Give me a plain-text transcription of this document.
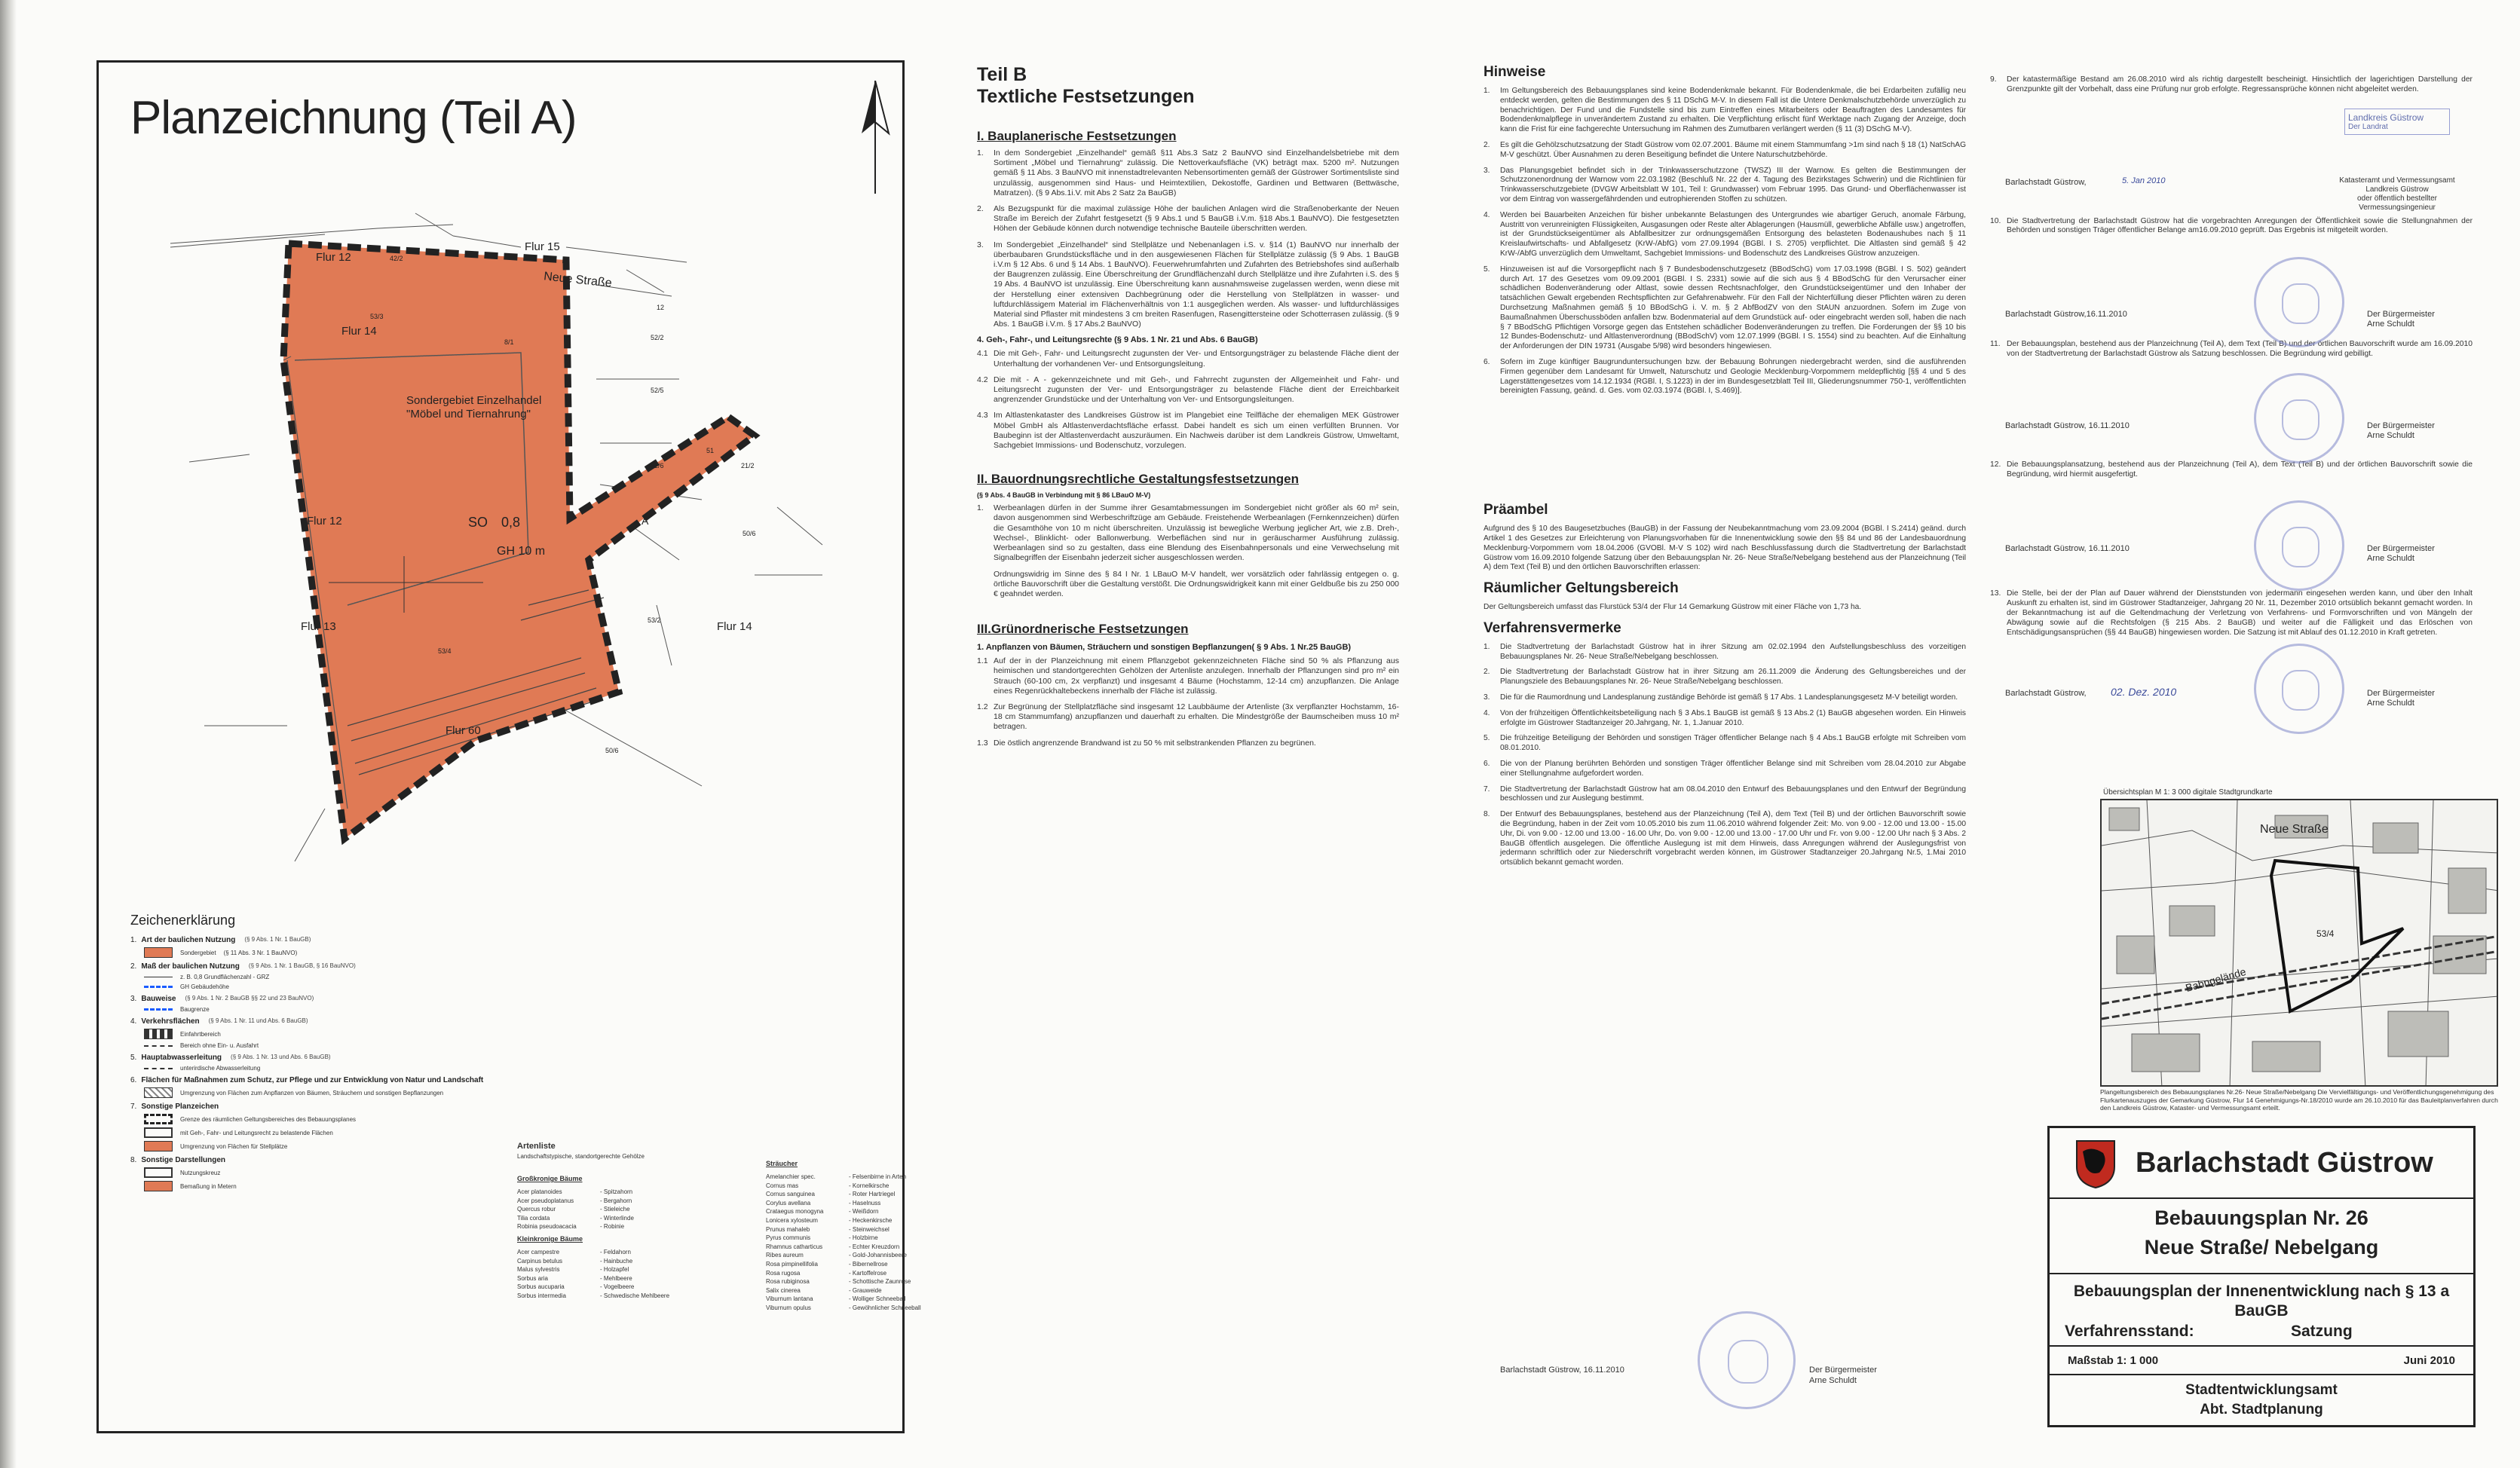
Planzeichnung (Teil A)
Flur 12
Flur 15
Flur 14
Flur 12
Flur 13	Flur 14
Flur 60
Neue Straße
42/2
53/3
12
52/2
52/5
8/1
51
52/6	21/2
50/6
53/2
53/4
50/6
Sondergebiet Einzelhandel "Möbel und Tiernahrung"
SO 0,8
GH 10 m
A
Zeichenerklärung
1. Art der baulichen Nutzung (§ 9 Abs. 1 Nr. 1 BauGB)
Sondergebiet (§ 11 Abs. 3 Nr. 1 BauNVO)
2. Maß der baulichen Nutzung (§ 9 Abs. 1 Nr. 1 BauGB, § 16 BauNVO)
z. B. 0,8 Grundflächenzahl - GRZ
GH Gebäudehöhe
3. Bauweise (§ 9 Abs. 1 Nr. 2 BauGB §§ 22 und 23 BauNVO)
Baugrenze
4. Verkehrsflächen (§ 9 Abs. 1 Nr. 11 und Abs. 6 BauGB)
Einfahrtbereich
Bereich ohne Ein- u. Ausfahrt
5. Hauptabwasserleitung (§ 9 Abs. 1 Nr. 13 und Abs. 6 BauGB)
unterirdische Abwasserleitung
6. Flächen für Maßnahmen zum Schutz, zur Pflege und zur Entwicklung von Natur und Landschaft
Umgrenzung von Flächen zum Anpflanzen von Bäumen, Sträuchern und sonstigen Bepflanzungen
7. Sonstige Planzeichen
Grenze des räumlichen Geltungsbereiches des Bebauungsplanes
mit Geh-, Fahr- und Leitungsrecht zu belastende Flächen
Umgrenzung von Flächen für Stellplätze
8. Sonstige Darstellungen
Nutzungskreuz
Bemaßung in Metern
Artenliste
Landschaftstypische, standortgerechte Gehölze
Großkronige Bäume
Acer platanoides	- Spitzahorn
Acer pseudoplatanus	- Bergahorn
Quercus robur	- Stieleiche
Tilia cordata	- Winterlinde
Robinia pseudoacacia	- Robinie
Kleinkronige Bäume
Acer campestre	- Feldahorn
Carpinus betulus	- Hainbuche
Malus sylvestris	- Holzapfel
Sorbus aria	- Mehlbeere
Sorbus aucuparia	- Vogelbeere
Sorbus intermedia	- Schwedische Mehlbeere
Sträucher
Amelanchier spec.	- Felsenbirne in Arten
Cornus mas	- Kornelkirsche
Cornus sanguinea	- Roter Hartriegel
Corylus avellana	- Haselnuss
Crataegus monogyna	- Weißdorn
Lonicera xylosteum	- Heckenkirsche
Prunus mahaleb	- Steinweichsel
Pyrus communis	- Holzbirne
Rhamnus catharticus	- Echter Kreuzdorn
Ribes aureum	- Gold-Johannisbeere
Rosa pimpinellifolia	- Bibernellrose
Rosa rugosa	- Kartoffelrose
Rosa rubiginosa	- Schottische Zaunrose
Salix cinerea	- Grauweide
Viburnum lantana	- Wolliger Schneeball
Viburnum opulus	- Gewöhnlicher Schneeball
Teil B
Textliche Festsetzungen
I. Bauplanerische Festsetzungen
1.	In dem Sondergebiet „Einzelhandel“ gemäß §11 Abs.3 Satz 2 BauNVO sind Einzelhandelsbetriebe mit dem Sortiment „Möbel und Tiernahrung“ zulässig. Die Nettoverkaufsfläche (VK) beträgt max. 5200 m². Nutzungen gemäß § 11 Abs. 3 BauNVO mit innenstadtrelevanten Nebensortimenten gemäß der Güstrower Sortimentsliste sind unzulässig, ausgenommen sind Haus- und Heimtextilien, Dekostoffe, Gardinen und Bettwaren (Bettwäsche, Matratzen). (§ 9 Abs.1i.V. mit Abs 2 Satz 2a BauGB)
2.	Als Bezugspunkt für die maximal zulässige Höhe der baulichen Anlagen wird die Straßenoberkante der Neuen Straße im Bereich der Zufahrt festgesetzt (§ 9 Abs.1 und 5 BauGB i.V.m. §18 Abs.1 BauNVO). Die festgesetzten Höhen der Gebäude können durch notwendige technische Bauteile überschritten werden.
3.	Im Sondergebiet „Einzelhandel“ sind Stellplätze und Nebenanlagen i.S. v. §14 (1) BauNVO nur innerhalb der überbaubaren Grundstücksfläche und in den ausgewiesenen Flächen für Stellplätze zulässig (§ 9 Abs. 1 BauGB i.V.m § 12 Abs. 6 und § 14 Abs. 1 BauNVO). Feuerwehrumfahrten und Zufahrten des Betriebshofes sind außerhalb der Baugrenzen zulässig. Eine Überschreitung der Grundflächenzahl durch Stellplätze und ihre Zufahrten i.S. des § 19 Abs. 4 BauNVO ist unzulässig. Eine Überschreitung kann ausnahmsweise zugelassen werden, wenn diese mit der Herstellung einer extensiven Dachbegrünung oder die Herstellung von Stellplätzen in wasser- und luftdurchlässigem Material im Flächenverhältnis von 1:1 ausgeglichen werden. Als wasser- und luftdurchlässiges Material sind Pflaster mit mindestens 3 cm breiten Rasenfugen, Rasengittersteine oder Schotterrasen zulässig. (§ 9 Abs. 1 BauGB i.V.m. § 17 Abs.2 BauNVO)
4. Geh-, Fahr-, und Leitungsrechte (§ 9 Abs. 1 Nr. 21 und Abs. 6 BauGB)
4.1 Die mit Geh-, Fahr- und Leitungsrecht zugunsten der Ver- und Entsorgungsträger zu belastende Fläche dient der Unterhaltung der vorhandenen Ver- und Entsorgungsleitung.
4.2 Die mit - A - gekennzeichnete und mit Geh-, und Fahrrecht zugunsten der Allgemeinheit und Fahr- und Leitungsrecht zugunsten der Ver- und Entsorgungsträger zu belastende Fläche dient der Erreichbarkeit angrenzender Grundstücke und der Unterhaltung von Ver- und Entsorgungsleitungen.
4.3 Im Altlastenkataster des Landkreises Güstrow ist im Plangebiet eine Teilfläche der ehemaligen MEK Güstrower Möbel GmbH als Altlastenverdachtsfläche erfasst. Dabei handelt es sich um einen verfüllten Brunnen. Vor Baubeginn ist der Altlastenverdacht auszuräumen. Ein Nachweis darüber ist dem Landkreis Güstrow, Umweltamt, Sachgebiet Immissions- und Bodenschutz, vorzulegen.
II. Bauordnungsrechtliche Gestaltungsfestsetzungen
(§ 9 Abs. 4 BauGB in Verbindung mit § 86 LBauO M-V)
1.	Werbeanlagen dürfen in der Summe ihrer Gesamtabmessungen im Sondergebiet nicht größer als 60 m² sein, davon ausgenommen sind Werbeschriftzüge am Gebäude. Freistehende Werbeanlagen (Fernkennzeichen) dürfen die Gesamthöhe von 10 m nicht überschreiten. Unzulässig ist bewegliche Werbung jeglicher Art, wie z.B. Dreh-, Wechsel-, Blinklicht- oder Ballonwerbung. Werbeflächen sind nur in geräuscharmer Ausführung zulässig. Werbeanlagen sind so zu gestalten, dass eine Blendung des Eisenbahnpersonals und eine Verwechselung mit Signalbegriffen der Eisenbahn jederzeit sicher ausgeschlossen werden.
Ordnungswidrig im Sinne des § 84 I Nr. 1 LBauO M-V handelt, wer vorsätzlich oder fahrlässig entgegen o. g. örtliche Bauvorschrift über die Gestaltung verstößt. Die Ordnungswidrigkeit kann mit einer Geldbuße bis zu 250 000 € geahndet werden.
III.Grünordnerische Festsetzungen
1. Anpflanzen von Bäumen, Sträuchern und sonstigen Bepflanzungen( § 9 Abs. 1 Nr.25 BauGB)
1.1 Auf der in der Planzeichnung mit einem Pflanzgebot gekennzeichneten Fläche sind 50 % als Pflanzung aus heimischen und standortgerechten Gehölzen der Artenliste anzulegen. Innerhalb der Pflanzungen sind pro m² ein Strauch (60-100 cm, 2x verpflanzt) und insgesamt 4 Bäume (Hochstamm, 12-14 cm) anzupflanzen. Die Anlage eines Regenrückhaltebeckens innerhalb der Fläche ist zulässig.
1.2 Zur Begrünung der Stellplatzfläche sind insgesamt 12 Laubbäume der Artenliste (3x verpflanzter Hochstamm, 16-18 cm Stammumfang) anzupflanzen und dauerhaft zu erhalten. Die Mindestgröße der Baumscheiben muss 10 m² betragen.
1.3 Die östlich angrenzende Brandwand ist zu 50 % mit selbstrankenden Pflanzen zu begrünen.
Hinweise
1.	Im Geltungsbereich des Bebauungsplanes sind keine Bodendenkmale bekannt. Für Bodendenkmale, die bei Erdarbeiten zufällig neu entdeckt werden, gelten die Bestimmungen des § 11 DSchG M-V. In diesem Fall ist die Untere Denkmalschutzbehörde unverzüglich zu benachrichtigen. Der Fund und die Fundstelle sind bis zum Eintreffen eines Mitarbeiters oder Beauftragten des Landesamtes für Bodendenkmalpflege in unverändertem Zustand zu erhalten. Die Verpflichtung erlischt fünf Werktage nach Zugang der Anzeige, doch kann die Frist für eine fachgerechte Untersuchung im Rahmen des Zumutbaren verlängert werden (§ 11 (3) DSchG M-V).
2.	Es gilt die Gehölzschutzsatzung der Stadt Güstrow vom 02.07.2001. Bäume mit einem Stammumfang >1m sind nach § 18 (1) NatSchAG M-V geschützt. Über Ausnahmen zu deren Beseitigung befindet die Untere Naturschutzbehörde.
3.	Das Planungsgebiet befindet sich in der Trinkwasserschutzzone (TWSZ) III der Warnow. Es gelten die Bestimmungen der Schutzzonenordnung der Warnow vom 22.03.1982 (Beschluß Nr. 22 der 4. Tagung des Bezirkstages Schwerin) und die Richtlinien für Trinkwasserschutzgebiete (DVGW Arbeitsblatt W 101, Teil I: Grundwasser) vom Februar 1995. Das Grund- und Oberflächenwasser ist vor dem Eintrag von wassergefährdenden und eutrophierenden Stoffen zu schützen.
4.	Werden bei Bauarbeiten Anzeichen für bisher unbekannte Belastungen des Untergrundes wie abartiger Geruch, anomale Färbung, Austritt von verunreinigten Flüssigkeiten, Ausgasungen oder Reste alter Ablagerungen (Hausmüll, gewerbliche Abfälle usw.) angetroffen, ist der Grundstückseigentümer als Abfallbesitzer zur ordnungsgemäßen Entsorgung des belasteten Bodenaushubes nach § 11 Kreislaufwirtschafts- und Abfallgesetz (KrW-/AbfG) vom 27.09.1994 (BGBl. I S. 2705) verpflichtet. Die Altlasten sind gemäß § 42 KrW-/AbfG unverzüglich dem Umweltamt, Sachgebiet Immissions- und Bodenschutz des Landkreises Güstrow anzuzeigen.
5.	Hinzuweisen ist auf die Vorsorgepflicht nach § 7 Bundesbodenschutzgesetz (BBodSchG) vom 17.03.1998 (BGBl. I S. 502) geändert durch Art. 17 des Gesetzes vom 09.09.2001 (BGBl. I S. 2331) sowie auf die sich aus § 4 BBodSchG für den Verursacher einer schädlichen Bodenveränderung oder Altlast, sowie dessen Rechtsnachfolger, den Grundstückseigentümer und den Inhaber der tatsächlichen Gewalt ergebenden Rechtspflichten zur Gefahrenabwehr. Für den Fall der Nichterfüllung dieser Pflichten wären zu deren Durchsetzung Maßnahmen gemäß § 10 BBodSchG i. V. m. § 2 AbfBodZV von den StAUN anzuordnen. Sofern im Zuge von Baumaßnahmen Überschussböden anfallen bzw. Bodenmaterial auf dem Grundstück auf- oder eingebracht werden soll, haben die nach § 7 BBodSchG Pflichtigen Vorsorge gegen das Entstehen schädlicher Bodenveränderungen zu treffen. Die Forderungen der §§ 10 bis 12 Bundes-Bodenschutz- und Altlastenverordnung (BBodSchV) vom 12.07.1999 (BGBl. I S. 1554) sind zu beachten. Auf die Einhaltung der Anforderungen der DIN 19731 (Ausgabe 5/98) wird besonders hingewiesen.
6.	Sofern im Zuge künftiger Baugrunduntersuchungen bzw. der Bebauung Bohrungen niedergebracht werden, sind die ausführenden Firmen gegenüber dem Landesamt für Umwelt, Naturschutz und Geologie Mecklenburg-Vorpommern meldepflichtig [§§ 4 und 5 des Lagerstättengesetzes vom 14.12.1934 (RGBl. I, S.1223) in der im Bundesgesetzblatt Teil III, Gliederungsnummer 750-1, veröffentlichten bereinigten Fassung, geänd. d. Ges. vom 02.03.1974 (BGBl. I, S.469)].
Präambel
Aufgrund des § 10 des Baugesetzbuches (BauGB) in der Fassung der Neubekanntmachung vom 23.09.2004 (BGBl. I S.2414) geänd. durch Artikel 1 des Gesetzes zur Erleichterung von Planungsvorhaben für die Innenentwicklung sowie den §§ 84 und 86 der Landesbauordnung Mecklenburg-Vorpommern vom 18.04.2006 (GVOBl. M-V S 102) wird nach Beschlussfassung durch die Stadtvertretung der Barlachstadt Güstrow vom 16.09.2010 folgende Satzung über den Bebauungsplan Nr. 26- Neue Straße/Nebelgang bestehend aus der Planzeichnung (Teil A) dem Text (Teil B) und den örtlichen Bauvorschriften erlassen:
Räumlicher Geltungsbereich
Der Geltungsbereich umfasst das Flurstück 53/4 der Flur 14 Gemarkung Güstrow mit einer Fläche von 1,73 ha.
Verfahrensvermerke
1.	Die Stadtvertretung der Barlachstadt Güstrow hat in ihrer Sitzung am 02.02.1994 den Aufstellungsbeschluss des vorzeitigen Bebauungsplanes Nr. 26- Neue Straße/Nebelgang beschlossen.
2.	Die Stadtvertretung der Barlachstadt Güstrow hat in ihrer Sitzung am 26.11.2009 die Änderung des Geltungsbereiches und der Planungsziele des Bebauungsplanes Nr. 26- Neue Straße/Nebelgang beschlossen.
3.	Die für die Raumordnung und Landesplanung zuständige Behörde ist gemäß § 17 Abs. 1 Landesplanungsgesetz M-V beteiligt worden.
4.	Von der frühzeitigen Öffentlichkeitsbeteiligung nach § 3 Abs.1 BauGB ist gemäß § 13 Abs.2 (1) BauGB abgesehen worden. Ein Hinweis erfolgte im Güstrower Stadtanzeiger 20.Jahrgang, Nr. 1, 1.Januar 2010.
5.	Die frühzeitige Beteiligung der Behörden und sonstigen Träger öffentlicher Belange nach § 4 Abs.1 BauGB erfolgte mit Schreiben vom 08.01.2010.
6.	Die von der Planung berührten Behörden und sonstigen Träger öffentlicher Belange sind mit Schreiben vom 28.04.2010 zur Abgabe einer Stellungnahme aufgefordert worden.
7.	Die Stadtvertretung der Barlachstadt Güstrow hat am 08.04.2010 den Entwurf des Bebauungsplanes und den Entwurf der Begründung beschlossen und zur Auslegung bestimmt.
8.	Der Entwurf des Bebauungsplanes, bestehend aus der Planzeichnung (Teil A), dem Text (Teil B) und der örtlichen Bauvorschrift sowie die Begründung, haben in der Zeit vom 10.05.2010 bis zum 11.06.2010 während folgender Zeit: Mo. von 9.00 - 12.00 und 13.00 - 15.00 Uhr, Di. von 9.00 - 12.00 und 13.00 - 16.00 Uhr, Do. von 9.00 - 12.00 und 13.00 - 17.00 Uhr und Fr. von 9.00 - 12.00 Uhr nach § 3 Abs. 2 BauGB öffentlich ausgelegen. Die öffentliche Auslegung ist mit dem Hinweis, dass Anregungen während der Auslegungsfrist von jedermann schriftlich oder zur Niederschrift vorgebracht werden können, im Güstrower Stadtanzeiger 20.Jahrgang Nr.5, 1.Mai 2010 ortsüblich bekannt gemacht worden.
Barlachstadt Güstrow, 16.11.2010	Der Bürgermeister
Arne Schuldt
9.	Der katastermäßige Bestand am 26.08.2010 wird als richtig dargestellt bescheinigt. Hinsichtlich der lagerichtigen Darstellung der Grenzpunkte gilt der Vorbehalt, dass eine Prüfung nur grob erfolgte. Regressansprüche können nicht abgeleitet werden.
Barlachstadt Güstrow,	5. Jan 2010
Landkreis Güstrow
Der Landrat
Katasteramt und Vermessungsamt
Landkreis Güstrow
oder öffentlich bestellter Vermessungsingenieur
10. Die Stadtvertretung der Barlachstadt Güstrow hat die vorgebrachten Anregungen der Öffentlichkeit sowie die Stellungnahmen der Behörden und sonstigen Träger öffentlicher Belange am16.09.2010 geprüft. Das Ergebnis ist mitgeteilt worden.
Barlachstadt Güstrow,16.11.2010	Der Bürgermeister
Arne Schuldt
11. Der Bebauungsplan, bestehend aus der Planzeichnung (Teil A), dem Text (Teil B) und der örtlichen Bauvorschrift wurde am 16.09.2010 von der Stadtvertretung der Barlachstadt Güstrow als Satzung beschlossen. Die Begründung wird gebilligt.
Barlachstadt Güstrow, 16.11.2010	Der Bürgermeister
Arne Schuldt
12. Die Bebauungsplansatzung, bestehend aus der Planzeichnung (Teil A), dem Text (Teil B) und der örtlichen Bauvorschrift sowie die Begründung, wird hiermit ausgefertigt.
Barlachstadt Güstrow, 16.11.2010	Der Bürgermeister
Arne Schuldt
13. Die Stelle, bei der der Plan auf Dauer während der Dienststunden von jedermann eingesehen werden kann, und über den Inhalt Auskunft zu erhalten ist, sind im Güstrower Stadtanzeiger, Jahrgang 20 Nr. 11, Dezember 2010 ortsüblich bekannt gemacht worden. In der Bekanntmachung ist auf die Geltendmachung der Verletzung von Verfahrens- und Formvorschriften und von Mängeln der Abwägung sowie auf die Rechtsfolgen (§ 215 Abs. 2 BauGB) und weiter auf die Fälligkeit und das Erlöschen von Entschädigungsansprüchen (§§ 44 BauGB) hingewiesen worden. Die Satzung ist mit Ablauf des 01.12.2010 in Kraft getreten.
Barlachstadt Güstrow, 02. Dez. 2010	Der Bürgermeister
Arne Schuldt
Übersichtsplan M 1: 3 000 digitale Stadtgrundkarte
Neue Straße
Bahngelände
53/4
Plangeltungsbereich des Bebauungsplanes Nr.26- Neue Straße/Nebelgang Die Vervielfältigungs- und Veröffentlichungsgenehmigung des Flurkartenauszuges der Gemarkung Güstrow, Flur 14 Genehmigungs-Nr.18/2010 wurde am 26.10.2010 für das Bauleitplanverfahren durch den Landkreis Güstrow, Kataster- und Vermessungsamt erteilt.
Barlachstadt Güstrow
Bebauungsplan Nr. 26
Neue Straße/ Nebelgang
Bebauungsplan der Innenentwicklung nach § 13 a BauGB
Verfahrensstand:	Satzung
Maßstab 1: 1 000	Juni 2010
Stadtentwicklungsamt
Abt. Stadtplanung
